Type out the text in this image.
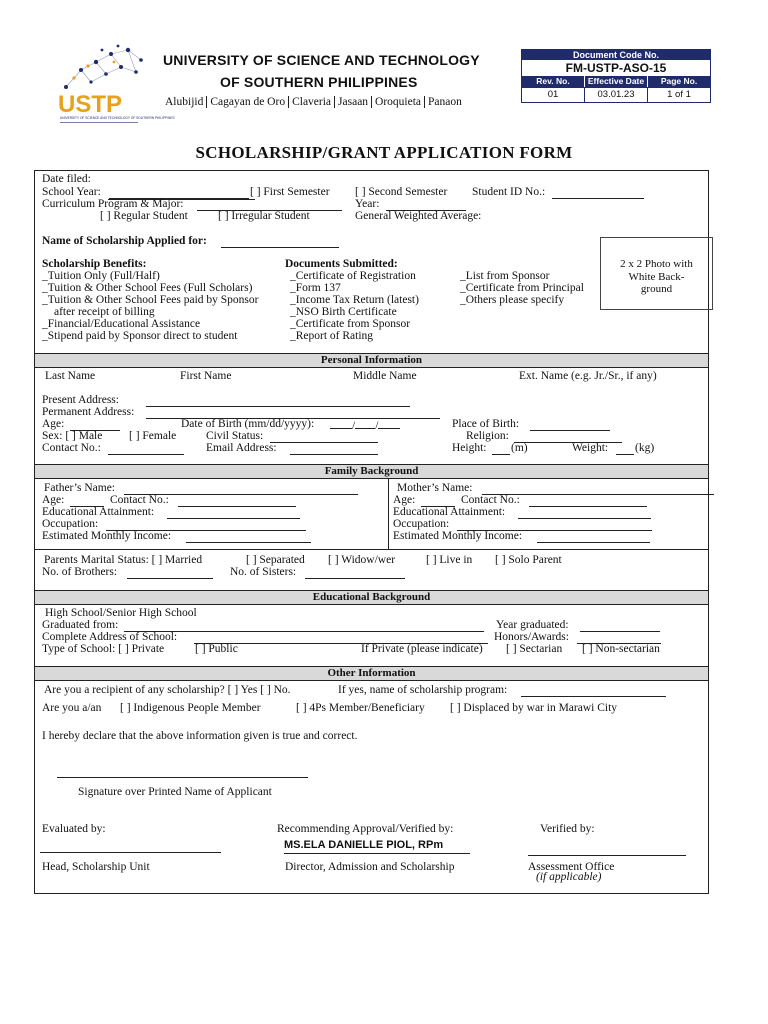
USTP
UNIVERSITY OF SCIENCE AND TECHNOLOGY OF SOUTHERN PHILIPPINES
UNIVERSITY OF SCIENCE AND TECHNOLOGY
OF SOUTHERN PHILIPPINES
Alubijid Cagayan de Oro Claveria Jasaan Oroquieta Panaon
Document Code No.
FM-USTP-ASO-15
Rev. No.	Effective Date	Page No.
01	03.01.23	1 of 1
SCHOLARSHIP/GRANT APPLICATION FORM
Date filed:
School Year:	[ ] First Semester [ ] Second Semester Student ID No.:
Curriculum Program & Major:	Year:
[ ] Regular Student	[ ] Irregular Student	General Weighted Average:
Name of Scholarship Applied for:
Scholarship Benefits:
_Tuition Only (Full/Half)
_Tuition & Other School Fees (Full Scholars)
_Tuition & Other School Fees paid by Sponsor
after receipt of billing
_Financial/Educational Assistance
_Stipend paid by Sponsor direct to student
Documents Submitted:
_Certificate of Registration
_Form 137
_Income Tax Return (latest)
_NSO Birth Certificate
_Certificate from Sponsor
_Report of Rating
_List from Sponsor
_Certificate from Principal
_Others please specify
2 x 2 Photo with
White Back-
ground
Personal Information
Last Name	First Name	Middle Name	Ext. Name (e.g. Jr./Sr., if any)
Present Address:
Permanent Address:
Age:	Date of Birth (mm/dd/yyyy):	/ /	Place of Birth:
Sex: [ ] Male [ ] Female	Civil Status:	Religion:
Contact No.:	Email Address:	Height: (m)	Weight: (kg)
Family Background
Father’s Name:
Age:	Contact No.:
Educational Attainment:
Occupation:
Estimated Monthly Income:
Mother’s Name:
Age:	Contact No.:
Educational Attainment:
Occupation:
Estimated Monthly Income:
Parents Marital Status: [ ] Married	[ ] Separated [ ] Widow/wer	[ ] Live in [ ] Solo Parent
No. of Brothers:	No. of Sisters:
Educational Background
High School/Senior High School
Graduated from:	Year graduated:
Complete Address of School:	Honors/Awards:
Type of School: [ ] Private	[ ] Public	If Private (please indicate) [ ] Sectarian [ ] Non-sectarian
Other Information
Are you a recipient of any scholarship? [ ] Yes [ ] No.	If yes, name of scholarship program:
Are you a/an [ ] Indigenous People Member	[ ] 4Ps Member/Beneficiary [ ] Displaced by war in Marawi City
I hereby declare that the above information given is true and correct.
Signature over Printed Name of Applicant
Evaluated by:	Recommending Approval/Verified by:	Verified by:
MS.ELA DANIELLE PIOL, RPm
Head, Scholarship Unit	Director, Admission and Scholarship	Assessment Office
(if applicable)
